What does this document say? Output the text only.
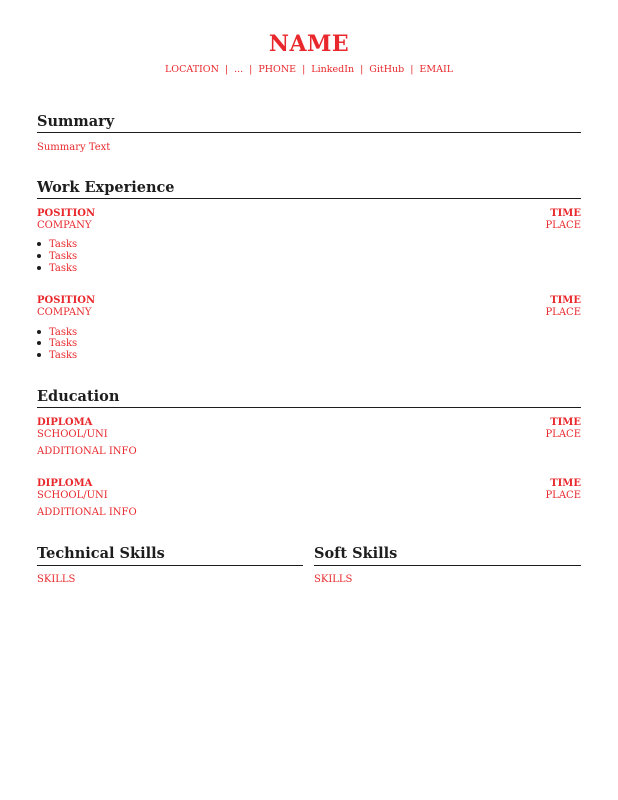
NAME
LOCATION | ... | PHONE | LinkedIn | GitHub | EMAIL
Summary
Summary Text
Work Experience
POSITION	TIME
COMPANY	PLACE
Tasks
Tasks
Tasks
POSITION	TIME
COMPANY	PLACE
Tasks
Tasks
Tasks
Education
DIPLOMA	TIME
SCHOOL/UNI	PLACE
ADDITIONAL INFO
DIPLOMA	TIME
SCHOOL/UNI	PLACE
ADDITIONAL INFO
Technical Skills
SKILLS
Soft Skills
SKILLS
